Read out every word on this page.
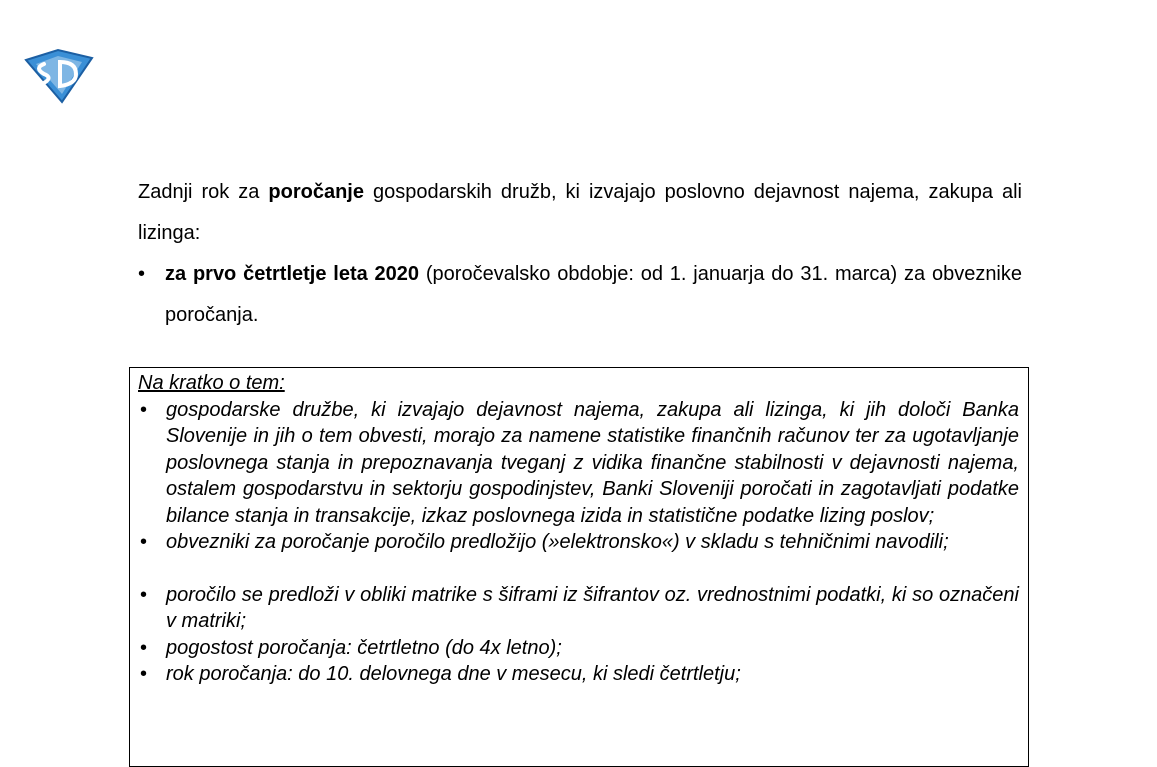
Zadnji rok za poročanje gospodarskih družb, ki izvajajo poslovno dejavnost najema, zakupa ali lizinga:

• za prvo četrtletje leta 2020 (poročevalsko obdobje: od 1. januarja do 31. marca) za obveznike poročanja.

Na kratko o tem:

• gospodarske družbe, ki izvajajo dejavnost najema, zakupa ali lizinga, ki jih določi Banka Slovenije in jih o tem obvesti, morajo za namene statistike finančnih računov ter za ugotavljanje poslovnega stanja in prepoznavanja tveganj z vidika finančne stabilnosti v dejavnosti najema, ostalem gospodarstvu in sektorju gospodinjstev, Banki Sloveniji poročati in zagotavljati podatke bilance stanja in transakcije, izkaz poslovnega izida in statistične podatke lizing poslov;
• obvezniki za poročanje poročilo predložijo (»elektronsko«) v skladu s tehničnimi navodili;
• poročilo se predloži v obliki matrike s šiframi iz šifrantov oz. vrednostnimi podatki, ki so označeni v matriki;
• pogostost poročanja: četrtletno (do 4x letno);
• rok poročanja: do 10. delovnega dne v mesecu, ki sledi četrtletju;
